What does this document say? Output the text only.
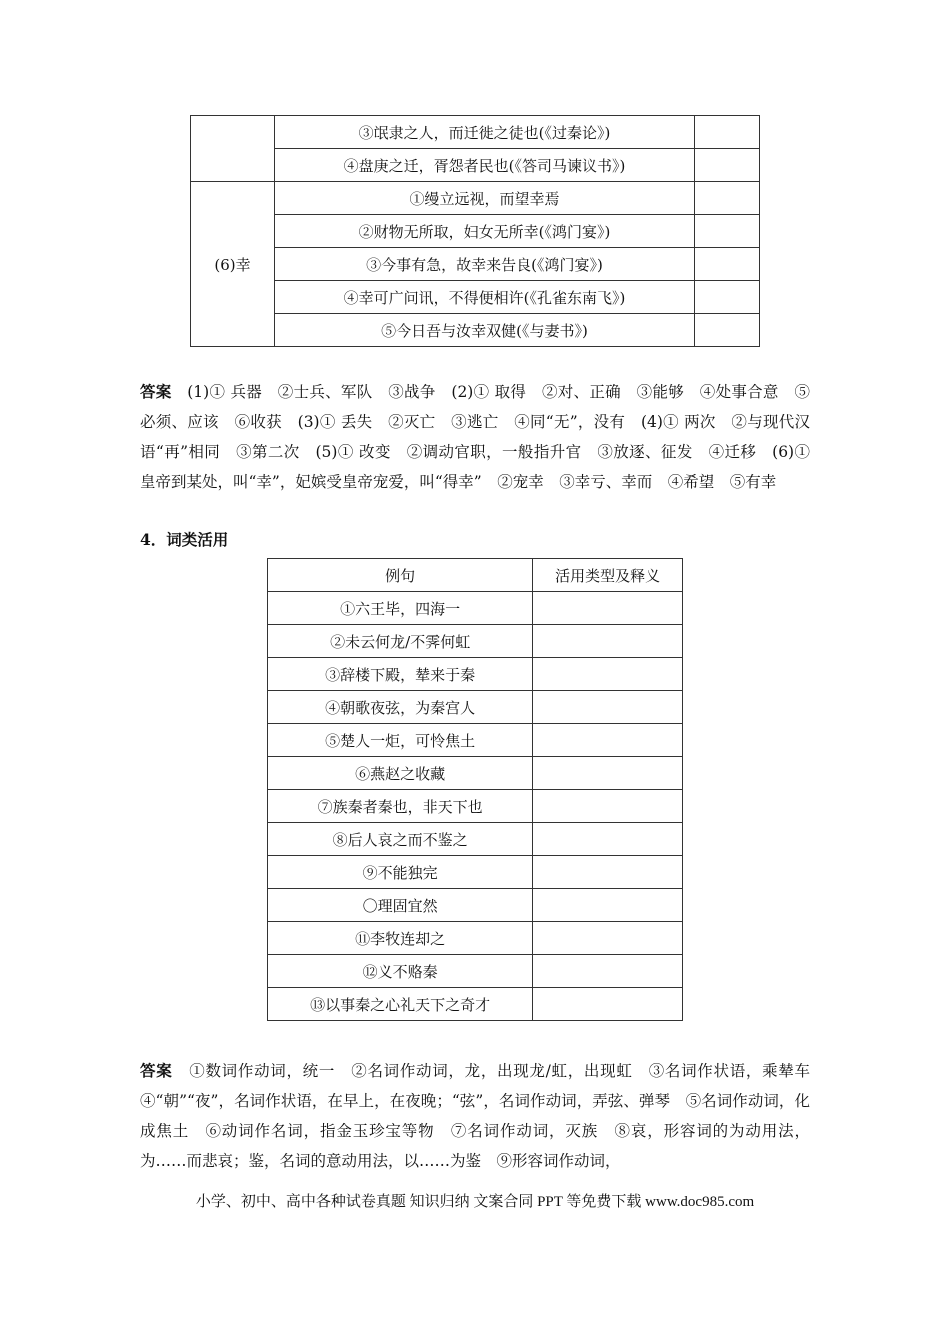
	③氓隶之人，而迁徙之徒也(《过秦论》)	
	④盘庚之迁，胥怨者民也(《答司马谏议书》)	
(6)幸	①缦立远视，而望幸焉	
	②财物无所取，妇女无所幸(《鸿门宴》)	
	③今事有急，故幸来告良(《鸿门宴》)	
	④幸可广问讯，不得便相许(《孔雀东南飞》)	
	⑤今日吾与汝幸双健(《与妻书》)	
答案 (1)① 兵器　②士兵、军队　③战争　(2)① 取得　②对、正确　③能够　④处事合意　⑤必须、应该　⑥收获　(3)① 丢失　②灭亡　③逃亡　④同“无”，没有　(4)① 两次　②与现代汉语“再”相同　③第二次　(5)① 改变　②调动官职，一般指升官　③放逐、征发　④迁移　(6)① 皇帝到某处，叫“幸”，妃嫔受皇帝宠爱，叫“得幸”　②宠幸　③幸亏、幸而　④希望　⑤有幸
4．词类活用
例句	活用类型及释义
①六王毕，四海一	
②未云何龙/不霁何虹	
③辞楼下殿，辇来于秦	
④朝歌夜弦，为秦宫人	
⑤楚人一炬，可怜焦土	
⑥燕赵之收藏	
⑦族秦者秦也，非天下也	
⑧后人哀之而不鉴之	
⑨不能独完	
〇理固宜然	
⑪李牧连却之	
⑫义不赂秦	
⑬以事秦之心礼天下之奇才	
答案 ①数词作动词，统一　②名词作动词，龙，出现龙/虹，出现虹　③名词作状语，乘辇车　④“朝”“夜”，名词作状语，在早上，在夜晚；“弦”，名词作动词，弄弦、弹琴　⑤名词作动词，化成焦土　⑥动词作名词，指金玉珍宝等物　⑦名词作动词，灭族　⑧哀，形容词的为动用法，为……而悲哀；鉴，名词的意动用法，以……为鉴　⑨形容词作动词，
小学、初中、高中各种试卷真题 知识归纳 文案合同 PPT 等免费下载 www.doc985.com
